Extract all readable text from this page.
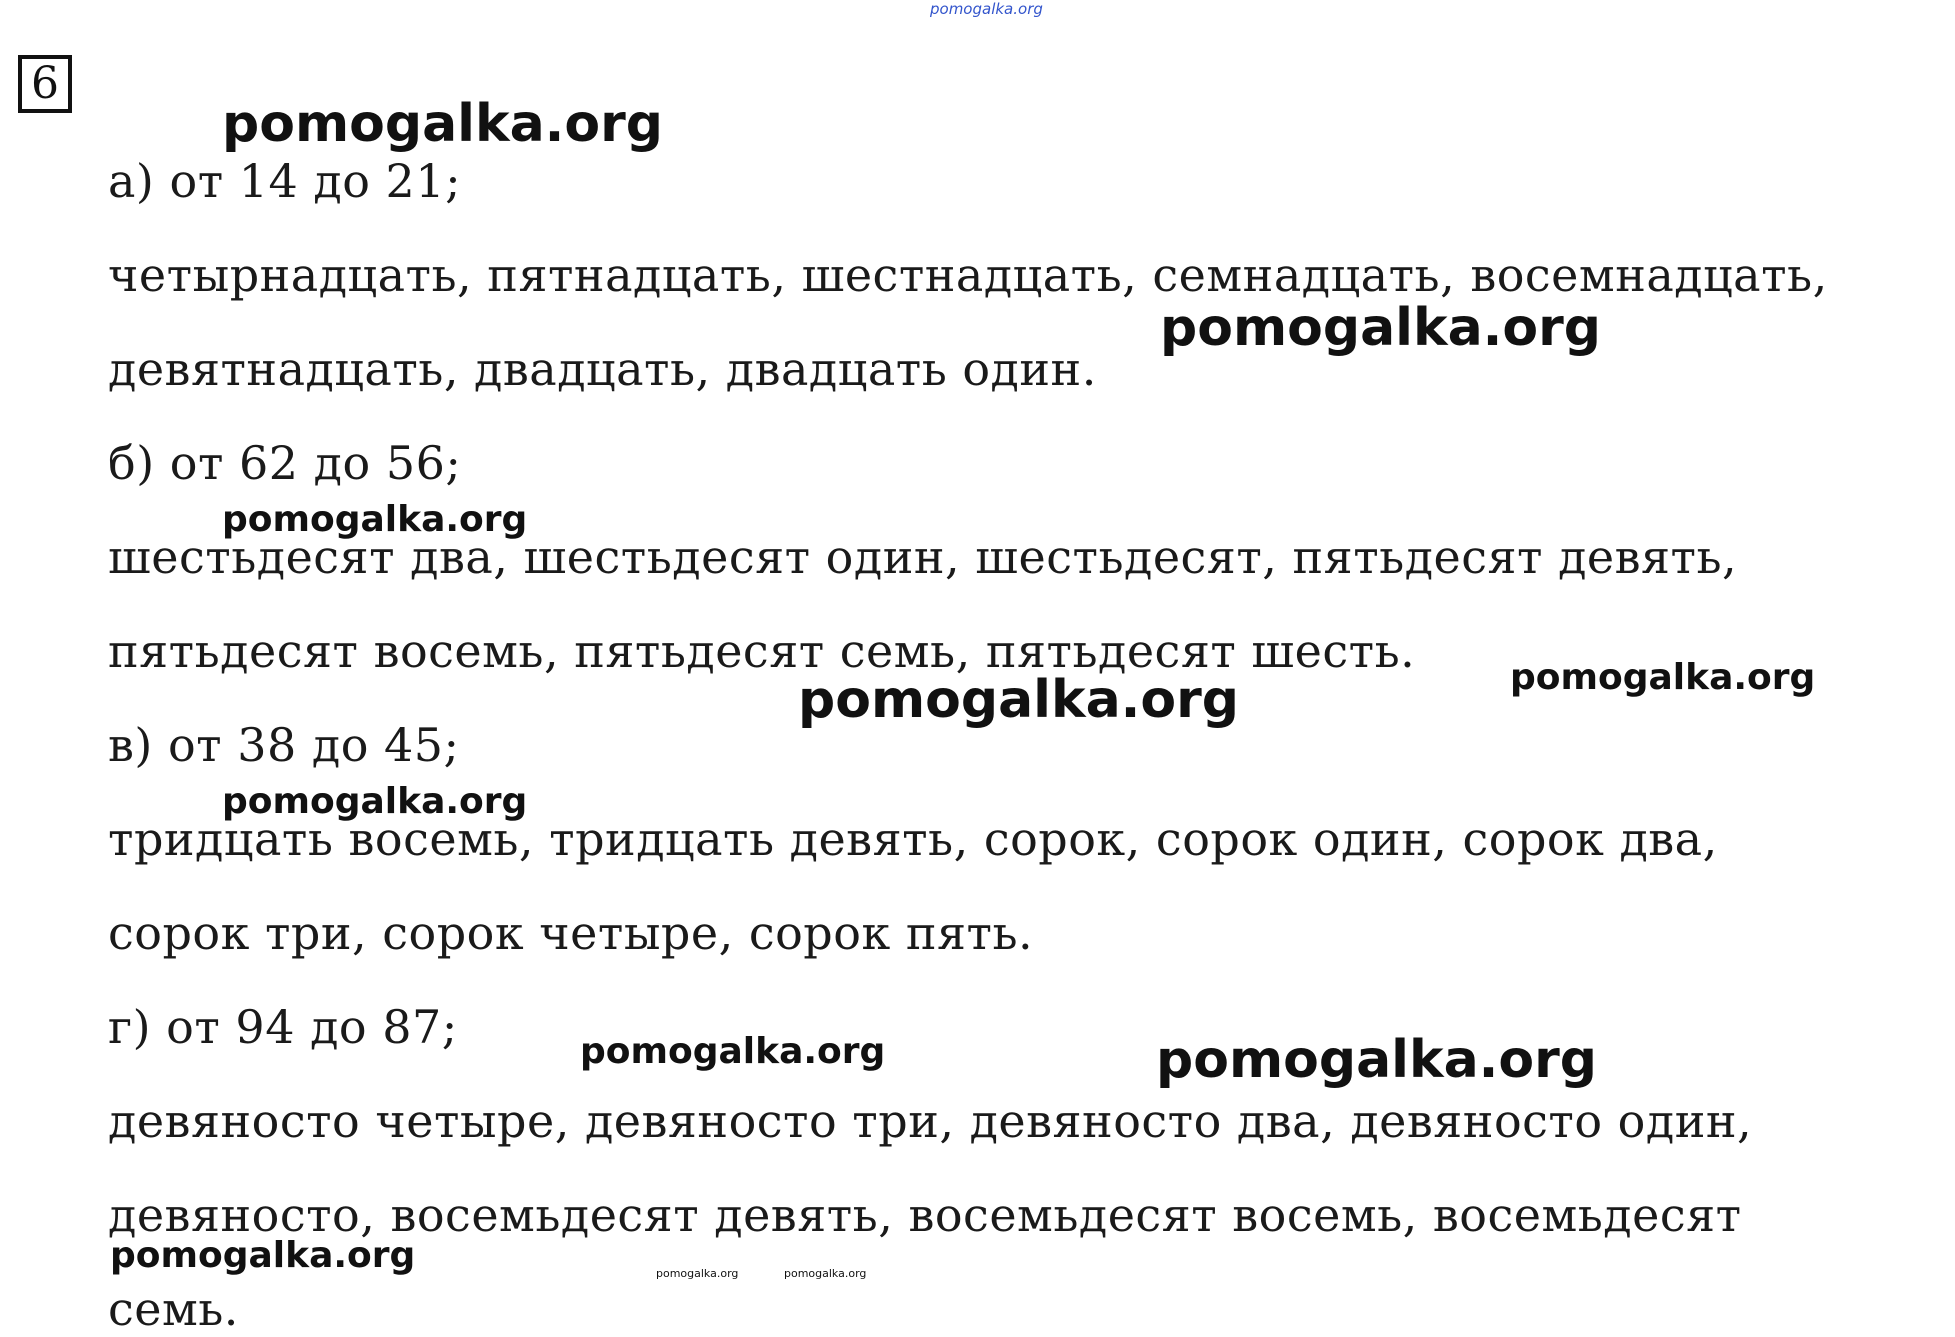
pomogalka.org
6
а) от 14 до 21;
четырнадцать, пятнадцать, шестнадцать, семнадцать, восемнадцать,
девятнадцать, двадцать, двадцать один.
б) от 62 до 56;
шестьдесят два, шестьдесят один, шестьдесят, пятьдесят девять,
пятьдесят восемь, пятьдесят семь, пятьдесят шесть.
в) от 38 до 45;
тридцать восемь, тридцать девять, сорок, сорок один, сорок два,
сорок три, сорок четыре, сорок пять.
г) от 94 до 87;
девяносто четыре, девяносто три, девяносто два, девяносто один,
девяносто, восемьдесят девять, восемьдесят восемь, восемьдесят
семь.
pomogalka.org
pomogalka.org
pomogalka.org
pomogalka.org
pomogalka.org
pomogalka.org
pomogalka.org	pomogalka.org
pomogalka.org	pomogalka.org	pomogalka.org
